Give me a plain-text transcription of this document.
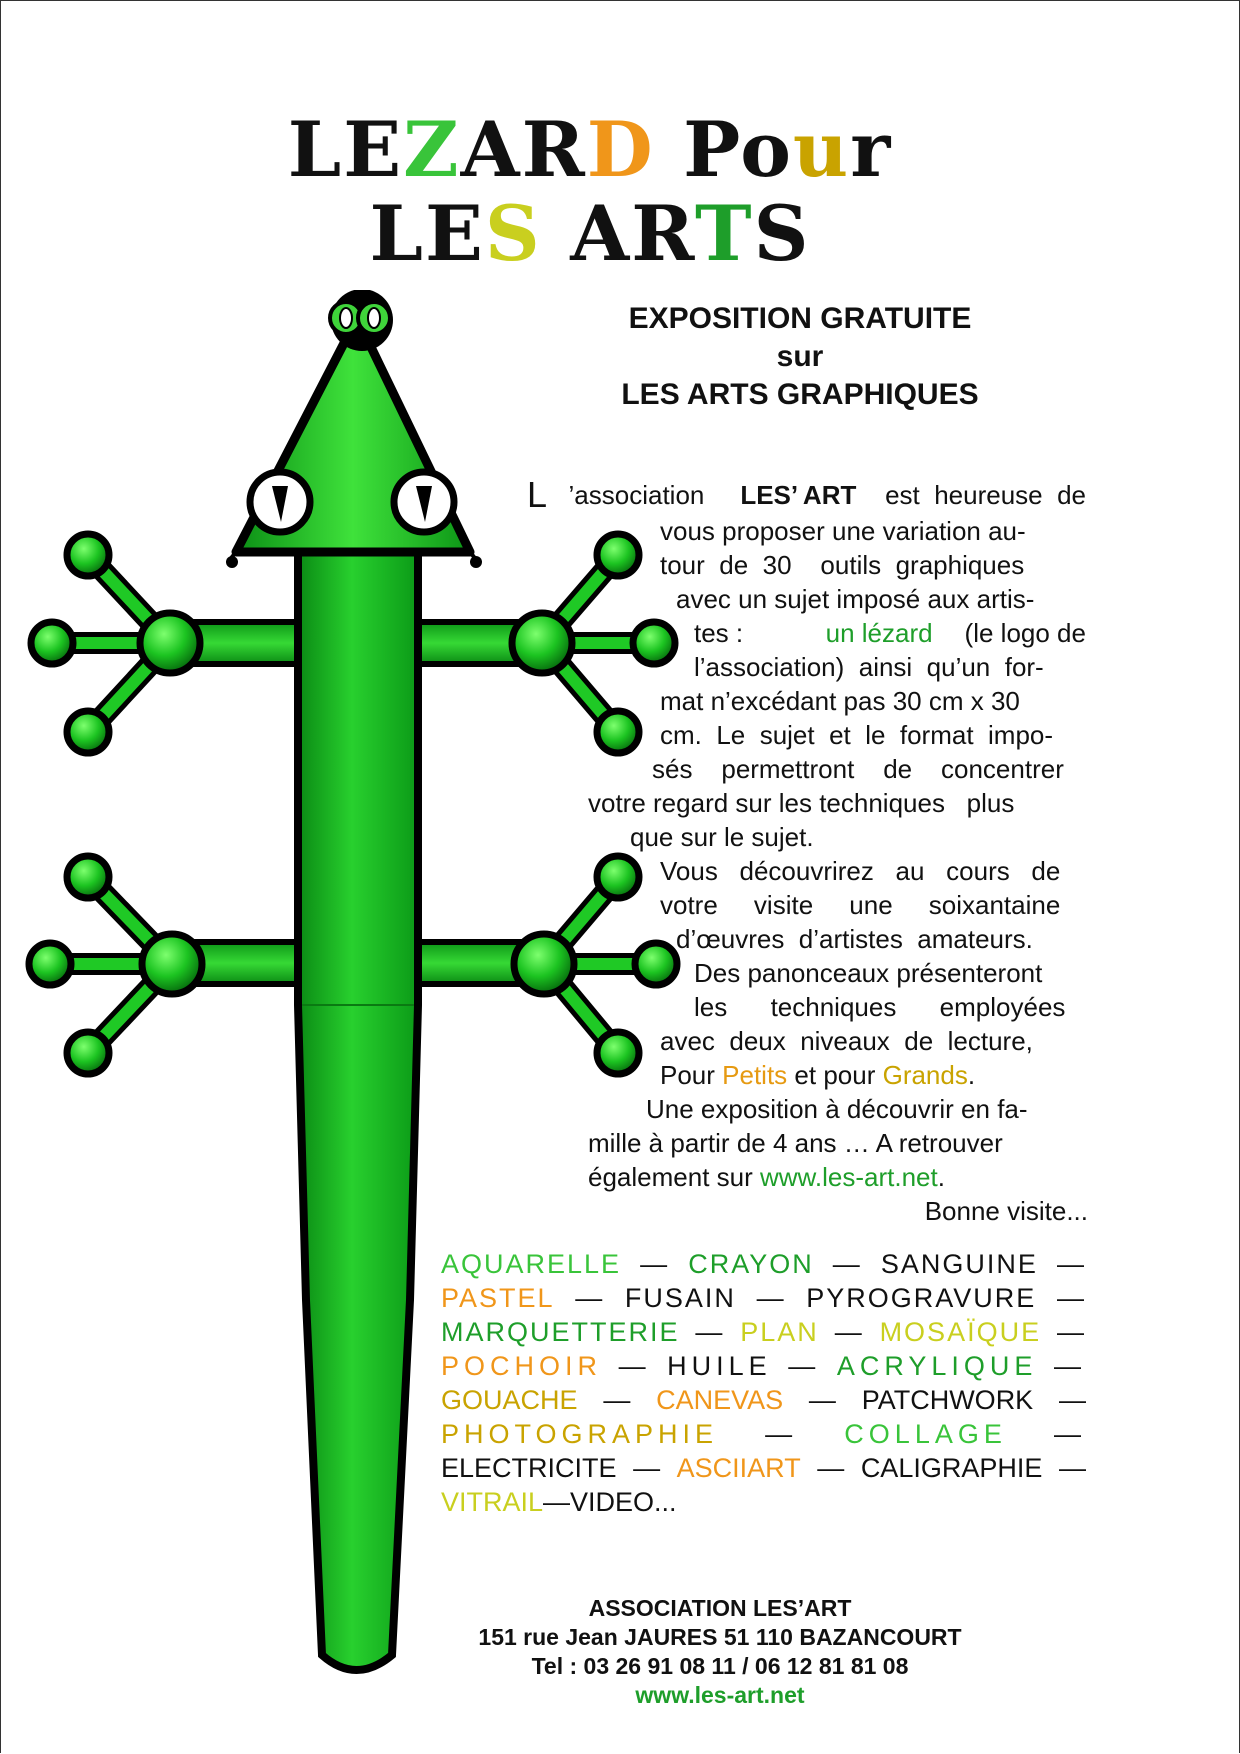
LEZARD Pour
LES ARTS
EXPOSITION GRATUITE
sur
LES ARTS GRAPHIQUES
L ’association LES’ ART est  heureuse  de
vous proposer une variation au-
tour  de  30    outils  graphiques
avec un sujet imposé aux artis-
tes : un lézard (le logo de
l’association)  ainsi  qu’un  for-
mat n’excédant pas 30 cm x 30
cm.  Le  sujet  et  le  format  impo-
sés    permettront    de    concentrer
votre regard sur les techniques   plus
que sur le sujet.
Vous   découvrirez   au   cours   de
votre     visite     une     soixantaine
d’œuvres  d’artistes  amateurs.
Des panonceaux présenteront
les      techniques      employées
avec  deux  niveaux  de  lecture,
Pour Petits et pour Grands .
Une exposition à découvrir en fa-
mille à partir de 4 ans … A retrouver
également sur www.les-art.net .
Bonne visite...
AQUARELLE — CRAYON — SANGUINE —
PASTEL — FUSAIN — PYROGRAVURE —
MARQUETTERIE — PLAN — MOSAÏQUE —
POCHOIR — HUILE — ACRYLIQUE —
GOUACHE — CANEVAS — PATCHWORK —
PHOTOGRAPHIE — COLLAGE —
ELECTRICITE — ASCIIART — CALIGRAPHIE —
VITRAIL — VIDEO...
ASSOCIATION LES’ART
151 rue Jean JAURES 51 110 BAZANCOURT
Tel : 03 26 91 08 11 / 06 12 81 81 08
www.les-art.net
